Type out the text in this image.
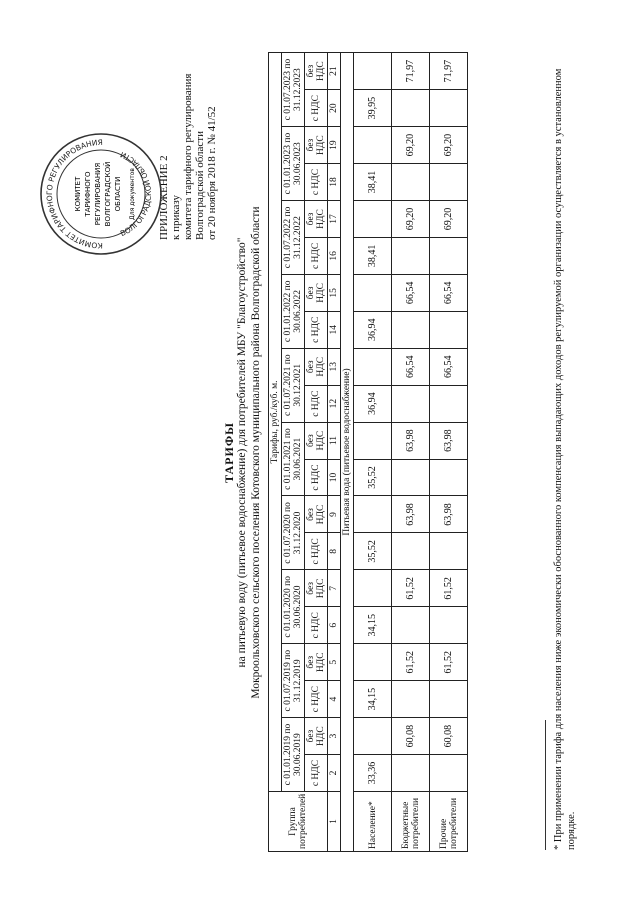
ПРИЛОЖЕНИЕ 2 к приказу комитета тарифного регулирования Волгоградской области от 20 ноября 2018 г. № 41/52
КОМИТЕТ ТАРИФНОГО РЕГУЛИРОВАНИЯ
ВОЛГОГРАДСКОЙ ОБЛАСТИ
КОМИТЕТ ТАРИФНОГО РЕГУЛИРОВАНИЯ ВОЛГОГРАДСКОЙ ОБЛАСТИ Для документов
ТАРИФЫ на питьевую воду (питьевое водоснабжение) для потребителей МБУ "Благоустройство" Мокроольховского сельского поселения Котовского муниципального района Волгоградской области
Группа потребителей	Тарифы, руб./куб. м.																			
	с 01.01.2019 по 30.06.2019		с 01.07.2019 по 31.12.2019		с 01.01.2020 по 30.06.2020		с 01.07.2020 по 31.12.2020		с 01.01.2021 по 30.06.2021		с 01.07.2021 по 30.12.2021		с 01.01.2022 по 30.06.2022		с 01.07.2022 по 31.12.2022		с 01.01.2023 по 30.06.2023		с 01.07.2023 по 31.12.2023	
	с НДС	без НДС	с НДС	без НДС	с НДС	без НДС	с НДС	без НДС	с НДС	без НДС	с НДС	без НДС	с НДС	без НДС	с НДС	без НДС	с НДС	без НДС	с НДС	без НДС
1	2	3	4	5	6	7	8	9	10	11	12	13	14	15	16	17	18	19	20	21
Питьевая вода (питьевое водоснабжение)																				
Население*	33,36		34,15		34,15		35,52		35,52		36,94		36,94		38,41		38,41		39,95	
Бюджетные потребители		60,08		61,52		61,52		63,98		63,98		66,54		66,54		69,20		69,20		71,97
Прочие потребители		60,08		61,52		61,52		63,98		63,98		66,54		66,54		69,20		69,20		71,97	* При применении тарифа для населения ниже экономически обоснованного компенсация выпадающих доходов регулируемой организации осуществляется в установленном порядке.
